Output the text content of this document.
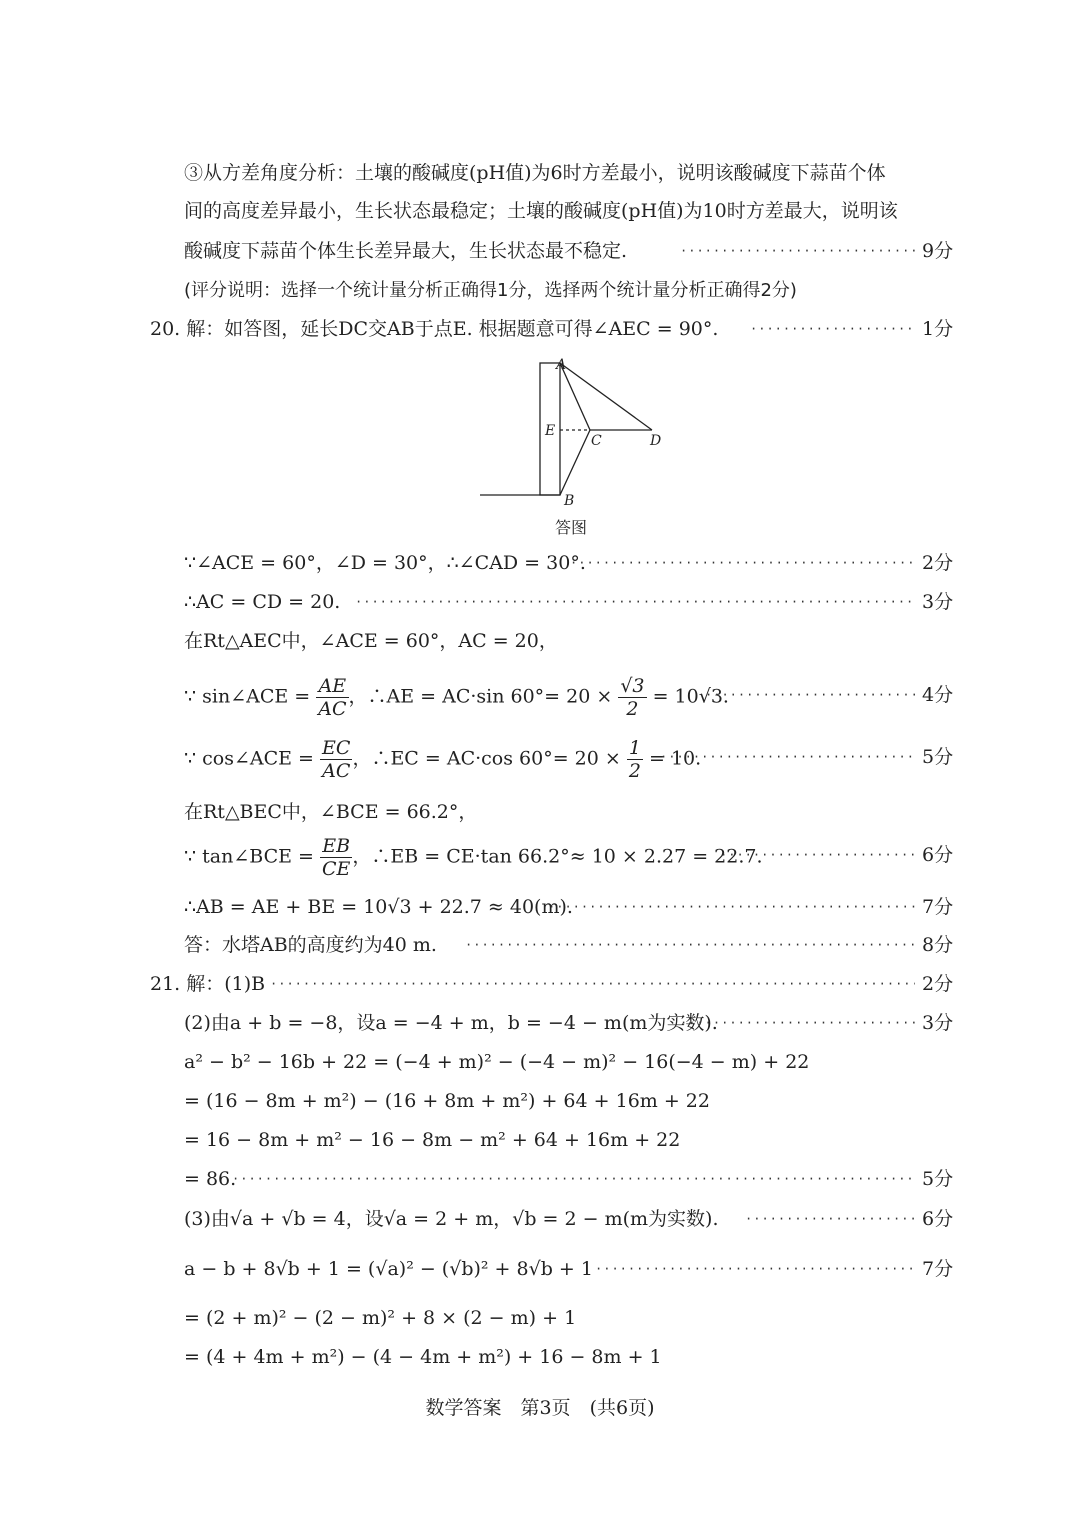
③从方差角度分析：土壤的酸碱度(pH值)为6时方差最小，说明该酸碱度下蒜苗个体
间的高度差异最小，生长状态最稳定；土壤的酸碱度(pH值)为10时方差最大，说明该
酸碱度下蒜苗个体生长差异最大，生长状态最不稳定. ·····	9分
(评分说明：选择一个统计量分析正确得1分，选择两个统计量分析正确得2分)
20. 解：如答图，延长DC交AB于点E. 根据题意可得∠AEC = 90°. ·····	1分
∵∠ACE = 60°，∠D = 30°，∴∠CAD = 30°. ·····	2分
∴AC = CD = 20. ·····	3分
在Rt△AEC中，∠ACE = 60°，AC = 20，
在Rt△BEC中，∠BCE = 66.2°，
∴AB = AE + BE = 10√3 + 22.7 ≈ 40(m). ·····	7分
答：水塔AB的高度约为40 m. ·····	8分
21. 解：(1)B ·····	2分
(2)由a + b = −8，设a = −4 + m，b = −4 − m(m为实数). ·····	3分
a² − b² − 16b + 22 = (−4 + m)² − (−4 − m)² − 16(−4 − m) + 22
= (16 − 8m + m²) − (16 + 8m + m²) + 64 + 16m + 22
= 16 − 8m + m² − 16 − 8m − m² + 64 + 16m + 22
= 86. ·····	5分
(3)由√a + √b = 4，设√a = 2 + m，√b = 2 − m(m为实数). ·····	6分
a − b + 8√b + 1 = (√a)² − (√b)² + 8√b + 1 ·····	7分
= (2 + m)² − (2 − m)² + 8 × (2 − m) + 1
= (4 + 4m + m²) − (4 − 4m + m²) + 16 − 8m + 1
A
E
C	D
B
答图
∵ sin∠ACE = $\frac{AE}{AC}$ ，∴AE = AC·sin $60^\circ= 20 \times \frac{√3}{2} = 10√3$. ·····	4分
∵ cos∠ACE = $\frac{EC}{AC}$ ，∴EC = AC·cos $60^\circ= 20 \times \frac{1}{2} = 10$. ·····	5分
∵ tan∠BCE = $\frac{EB}{CE}$ ，∴EB = CE·tan 66.2°≈ 10 × 2.27 = 22.7. ·····	6分
数学答案　第3页　(共6页)
